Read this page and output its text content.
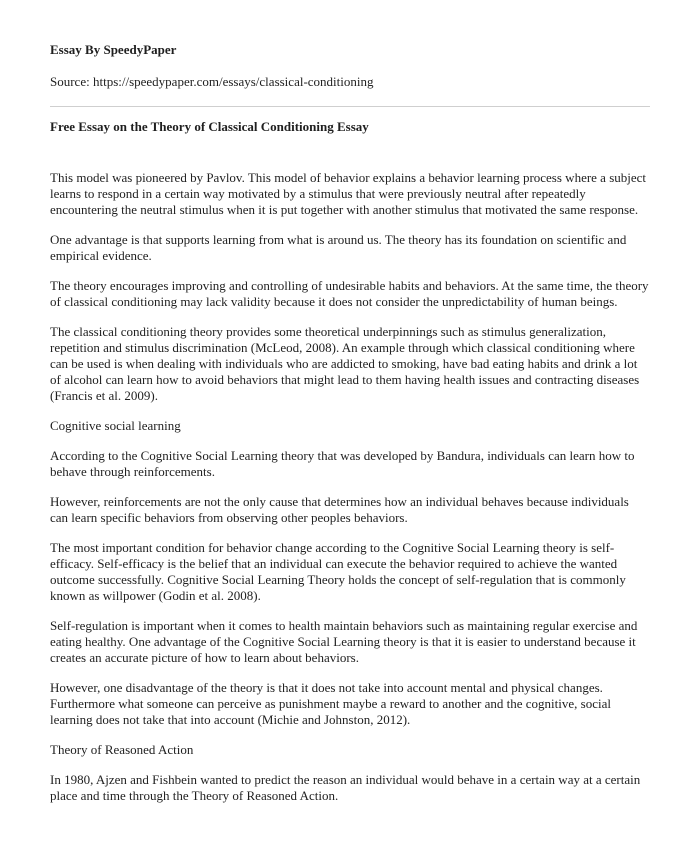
Essay By SpeedyPaper
Source: https://speedypaper.com/essays/classical-conditioning
Free Essay on the Theory of Classical Conditioning Essay

This model was pioneered by Pavlov. This model of behavior explains a behavior learning process where a subject learns to respond in a certain way motivated by a stimulus that were previously neutral after repeatedly encountering the neutral stimulus when it is put together with another stimulus that motivated the same response.

One advantage is that supports learning from what is around us. The theory has its foundation on scientific and empirical evidence.

The theory encourages improving and controlling of undesirable habits and behaviors. At the same time, the theory of classical conditioning may lack validity because it does not consider the unpredictability of human beings.

The classical conditioning theory provides some theoretical underpinnings such as stimulus generalization, repetition and stimulus discrimination (McLeod, 2008). An example through which classical conditioning where can be used is when dealing with individuals who are addicted to smoking, have bad eating habits and drink a lot of alcohol can learn how to avoid behaviors that might lead to them having health issues and contracting diseases (Francis et al. 2009).

Cognitive social learning

According to the Cognitive Social Learning theory that was developed by Bandura, individuals can learn how to behave through reinforcements.

However, reinforcements are not the only cause that determines how an individual behaves because individuals can learn specific behaviors from observing other peoples behaviors.

The most important condition for behavior change according to the Cognitive Social Learning theory is self-efficacy. Self-efficacy is the belief that an individual can execute the behavior required to achieve the wanted outcome successfully. Cognitive Social Learning Theory holds the concept of self-regulation that is commonly known as willpower (Godin et al. 2008).

Self-regulation is important when it comes to health maintain behaviors such as maintaining regular exercise and eating healthy. One advantage of the Cognitive Social Learning theory is that it is easier to understand because it creates an accurate picture of how to learn about behaviors.

However, one disadvantage of the theory is that it does not take into account mental and physical changes. Furthermore what someone can perceive as punishment maybe a reward to another and the cognitive, social learning does not take that into account (Michie and Johnston, 2012).

Theory of Reasoned Action

In 1980, Ajzen and Fishbein wanted to predict the reason an individual would behave in a certain way at a certain place and time through the Theory of Reasoned Action.
